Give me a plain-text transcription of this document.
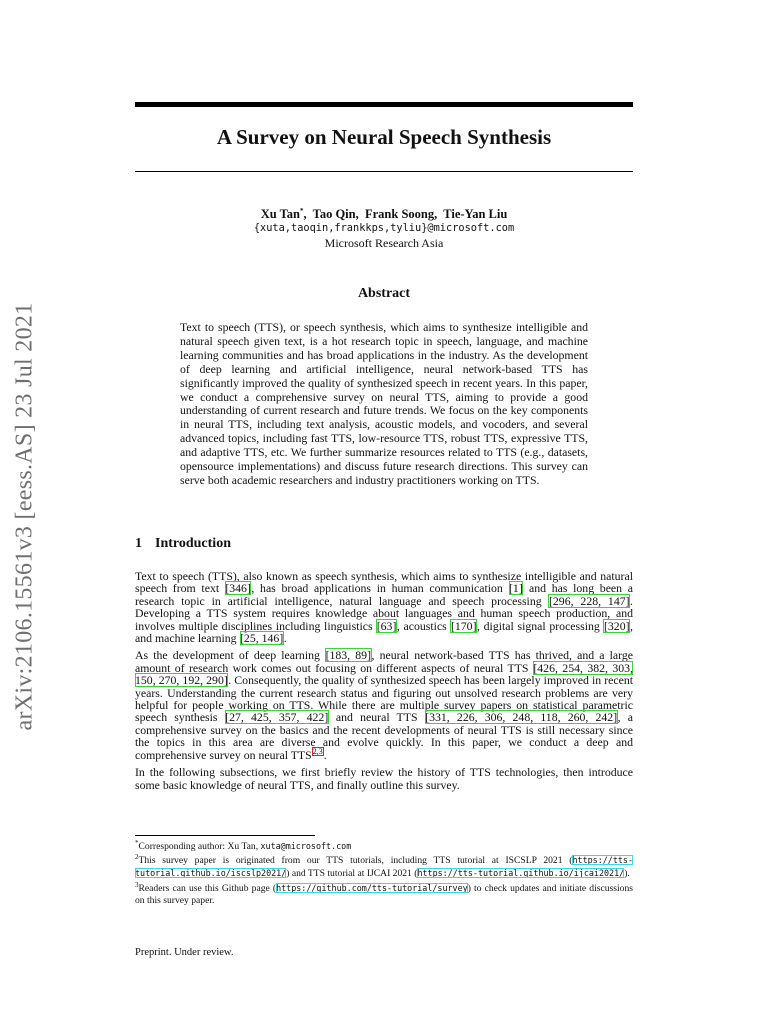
arXiv:2106.15561v3 [eess.AS] 23 Jul 2021
A Survey on Neural Speech Synthesis
Xu Tan*,  Tao Qin,  Frank Soong,  Tie-Yan Liu
{xuta,taoqin,frankkps,tyliu}@microsoft.com
Microsoft Research Asia
Abstract
Text to speech (TTS), or speech synthesis, which aims to synthesize intelligible and natural speech given text, is a hot research topic in speech, language, and machine learning communities and has broad applications in the industry. As the development of deep learning and artificial intelligence, neural network-based TTS has significantly improved the quality of synthesized speech in recent years. In this paper, we conduct a comprehensive survey on neural TTS, aiming to provide a good understanding of current research and future trends. We focus on the key components in neural TTS, including text analysis, acoustic models, and vocoders, and several advanced topics, including fast TTS, low-resource TTS, robust TTS, expressive TTS, and adaptive TTS, etc. We further summarize resources related to TTS (e.g., datasets, opensource implementations) and discuss future research directions. This survey can serve both academic researchers and industry practitioners working on TTS.
1 Introduction

Text to speech (TTS), also known as speech synthesis, which aims to synthesize intelligible and natural speech from text [346], has broad applications in human communication [1] and has long been a research topic in artificial intelligence, natural language and speech processing [296, 228, 147]. Developing a TTS system requires knowledge about languages and human speech production, and involves multiple disciplines including linguistics [63], acoustics [170], digital signal processing [320], and machine learning [25, 146].

As the development of deep learning [183, 89], neural network-based TTS has thrived, and a large amount of research work comes out focusing on different aspects of neural TTS [426, 254, 382, 303, 150, 270, 192, 290]. Consequently, the quality of synthesized speech has been largely improved in recent years. Understanding the current research status and figuring out unsolved research problems are very helpful for people working on TTS. While there are multiple survey papers on statistical parametric speech synthesis [27, 425, 357, 422] and neural TTS [331, 226, 306, 248, 118, 260, 242], a comprehensive survey on the basics and the recent developments of neural TTS is still necessary since the topics in this area are diverse and evolve quickly. In this paper, we conduct a deep and comprehensive survey on neural TTS$^{2,3}$.

In the following subsections, we first briefly review the history of TTS technologies, then introduce some basic knowledge of neural TTS, and finally outline this survey.

*Corresponding author: Xu Tan, xuta@microsoft.com

$^2$This survey paper is originated from our TTS tutorials, including TTS tutorial at ISCSLP 2021 (https://tts-tutorial.github.io/iscslp2021/) and TTS tutorial at IJCAI 2021 (https://tts-tutorial.github.io/ijcai2021/).

$^3$Readers can use this Github page (https://github.com/tts-tutorial/survey) to check updates and initiate discussions on this survey paper.

Preprint. Under review.
